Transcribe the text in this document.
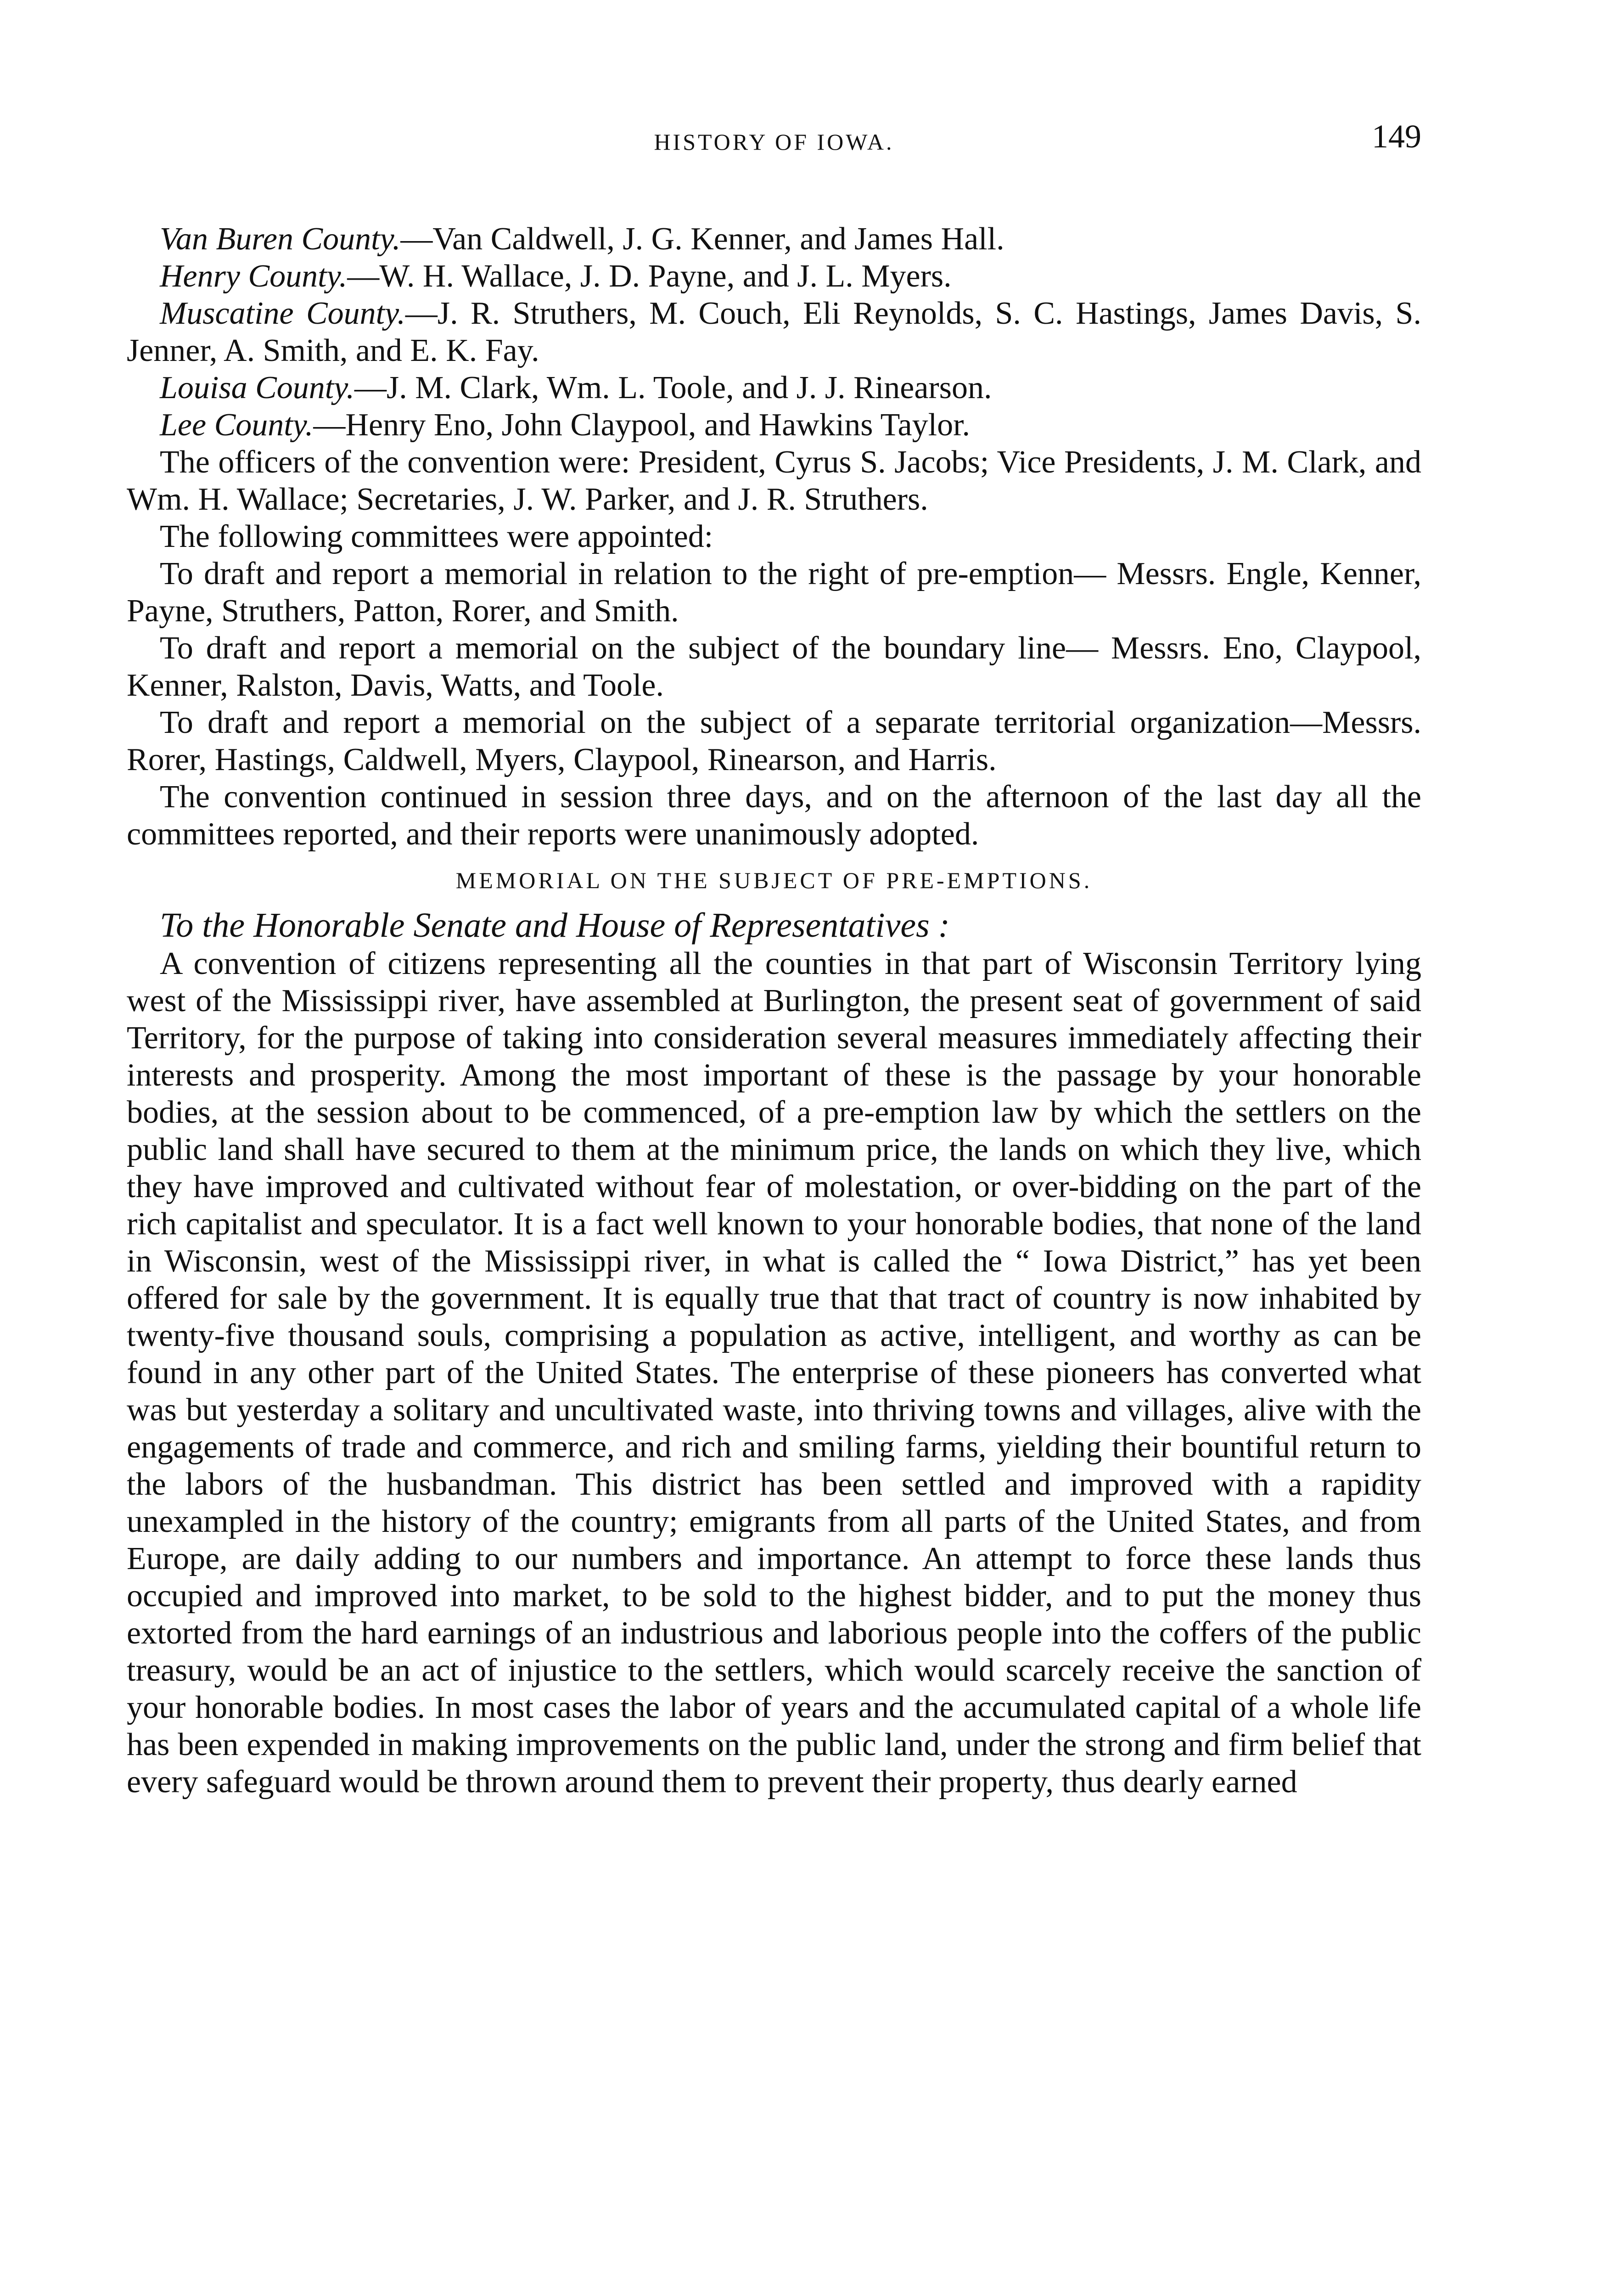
HISTORY OF IOWA.	149

Van Buren County.—Van Caldwell, J. G. Kenner, and James Hall.

Henry County.—W. H. Wallace, J. D. Payne, and J. L. Myers.

Muscatine County.—J. R. Struthers, M. Couch, Eli Reynolds, S. C. Hastings, James Davis, S. Jenner, A. Smith, and E. K. Fay.

Louisa County.—J. M. Clark, Wm. L. Toole, and J. J. Rinearson.

Lee County.—Henry Eno, John Claypool, and Hawkins Taylor.

The officers of the convention were: President, Cyrus S. Jacobs; Vice Presidents, J. M. Clark, and Wm. H. Wallace; Secretaries, J. W. Parker, and J. R. Struthers.

The following committees were appointed:

To draft and report a memorial in relation to the right of pre-emption— Messrs. Engle, Kenner, Payne, Struthers, Patton, Rorer, and Smith.

To draft and report a memorial on the subject of the boundary line— Messrs. Eno, Claypool, Kenner, Ralston, Davis, Watts, and Toole.

To draft and report a memorial on the subject of a separate territorial organization—Messrs. Rorer, Hastings, Caldwell, Myers, Claypool, Rinearson, and Harris.

The convention continued in session three days, and on the afternoon of the last day all the committees reported, and their reports were unanimously adopted.

MEMORIAL ON THE SUBJECT OF PRE-EMPTIONS.

To the Honorable Senate and House of Representatives :

A convention of citizens representing all the counties in that part of Wisconsin Territory lying west of the Mississippi river, have assembled at Burlington, the present seat of government of said Territory, for the purpose of taking into consideration several measures immediately affecting their interests and prosperity. Among the most important of these is the passage by your honorable bodies, at the session about to be commenced, of a pre-emption law by which the settlers on the public land shall have secured to them at the minimum price, the lands on which they live, which they have improved and cultivated without fear of molestation, or over-bidding on the part of the rich capitalist and speculator. It is a fact well known to your honorable bodies, that none of the land in Wisconsin, west of the Mississippi river, in what is called the “ Iowa District,” has yet been offered for sale by the government. It is equally true that that tract of country is now inhabited by twenty-five thousand souls, comprising a population as active, intelligent, and worthy as can be found in any other part of the United States. The enterprise of these pioneers has converted what was but yesterday a solitary and uncultivated waste, into thriving towns and villages, alive with the engagements of trade and commerce, and rich and smiling farms, yielding their bountiful return to the labors of the husbandman. This district has been settled and improved with a rapidity unexampled in the history of the country; emigrants from all parts of the United States, and from Europe, are daily adding to our numbers and importance. An attempt to force these lands thus occupied and improved into market, to be sold to the highest bidder, and to put the money thus extorted from the hard earnings of an industrious and laborious people into the coffers of the public treasury, would be an act of injustice to the settlers, which would scarcely receive the sanction of your honorable bodies. In most cases the labor of years and the accumulated capital of a whole life has been expended in making improvements on the public land, under the strong and firm belief that every safeguard would be thrown around them to prevent their property, thus dearly earned
